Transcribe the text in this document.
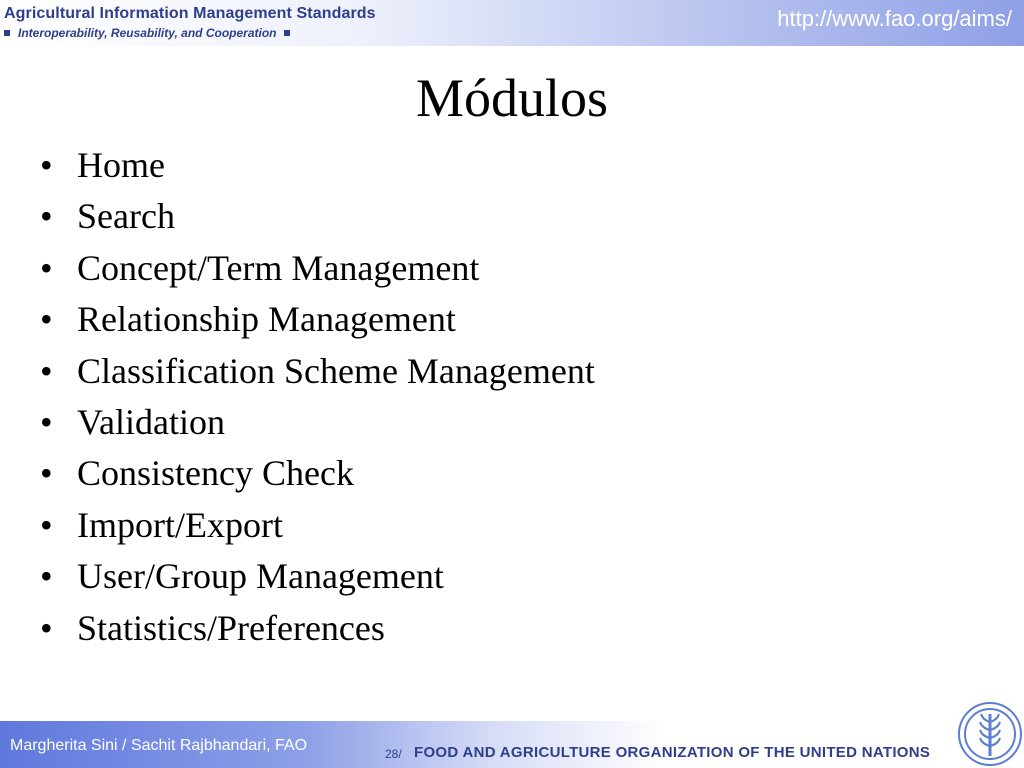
Agricultural Information Management Standards
Interoperability, Reusability, and Cooperation
http://www.fao.org/aims/
Módulos
• Home
• Search
• Concept/Term Management
• Relationship Management
• Classification Scheme Management
• Validation
• Consistency Check
• Import/Export
• User/Group Management
• Statistics/Preferences
Margherita Sini / Sachit Rajbhandari, FAO	28/ FOOD AND AGRICULTURE ORGANIZATION OF THE UNITED NATIONS
